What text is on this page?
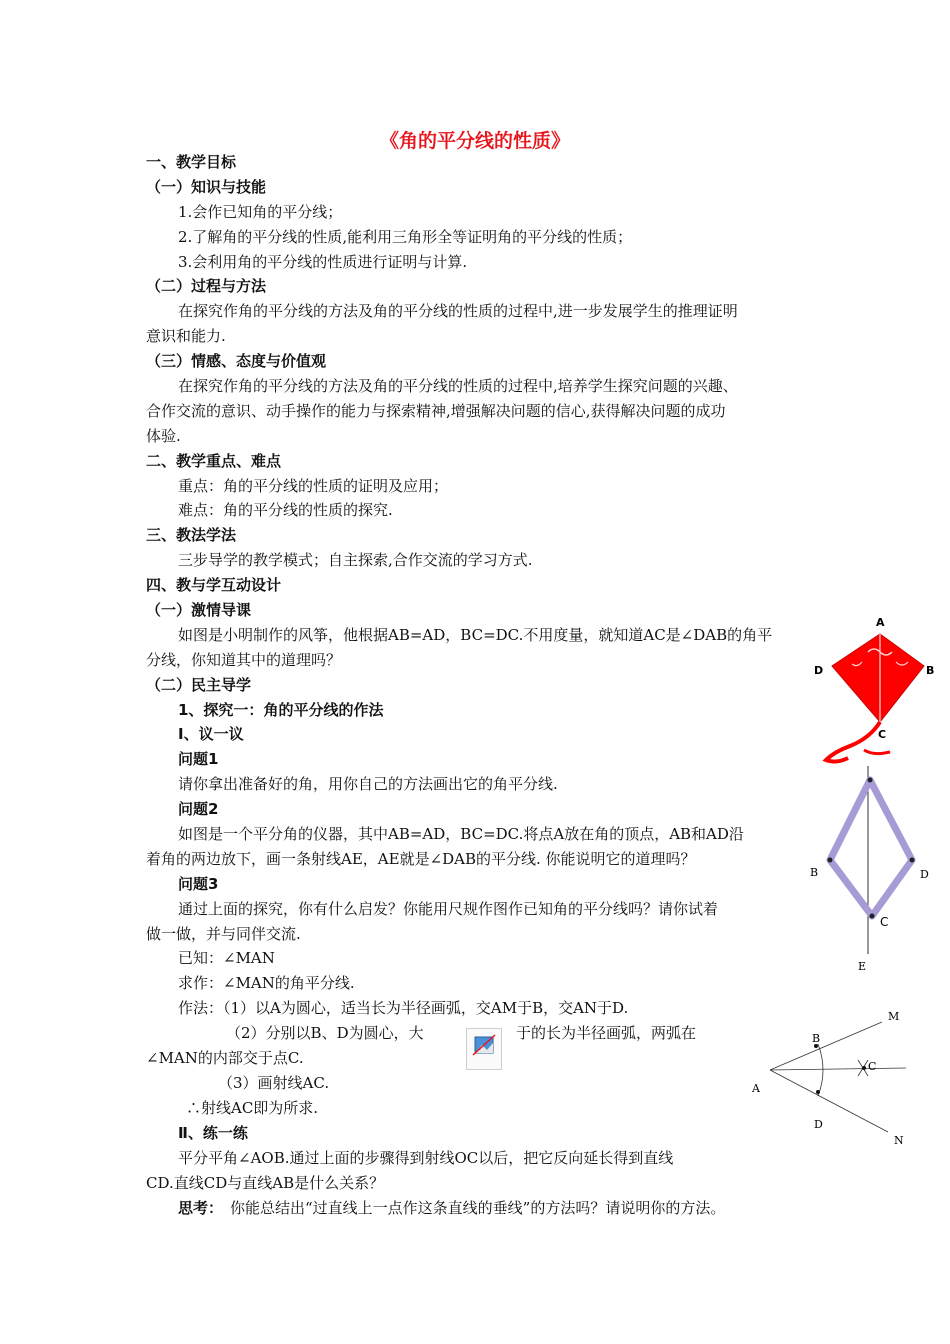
《角的平分线的性质》
一、教学目标
（一）知识与技能
1.会作已知角的平分线；
2.了解角的平分线的性质,能利用三角形全等证明角的平分线的性质；
3.会利用角的平分线的性质进行证明与计算.
（二）过程与方法
在探究作角的平分线的方法及角的平分线的性质的过程中,进一步发展学生的推理证明
意识和能力.
（三）情感、态度与价值观
在探究作角的平分线的方法及角的平分线的性质的过程中,培养学生探究问题的兴趣、
合作交流的意识、动手操作的能力与探索精神,增强解决问题的信心,获得解决问题的成功
体验.
二、教学重点、难点
重点：角的平分线的性质的证明及应用；
难点：角的平分线的性质的探究.
三、教法学法
三步导学的教学模式；自主探索,合作交流的学习方式.
四、教与学互动设计
（一）激情导课
如图是小明制作的风筝，他根据AB=AD，BC=DC.不用度量，就知道AC是∠DAB的角平
分线，你知道其中的道理吗？
（二）民主导学
1、探究一：角的平分线的作法
Ⅰ、议一议
问题1
请你拿出准备好的角，用你自己的方法画出它的角平分线.
问题2
如图是一个平分角的仪器，其中AB=AD，BC=DC.将点A放在角的顶点，AB和AD沿
着角的两边放下，画一条射线AE，AE就是∠DAB的平分线. 你能说明它的道理吗？
问题3
通过上面的探究，你有什么启发？你能用尺规作图作已知角的平分线吗？请你试着
做一做，并与同伴交流.
已知：∠MAN
求作：∠MAN的角平分线.
作法：（1）以A为圆心，适当长为半径画弧，交AM于B，交AN于D.
（2）分别以B、D为圆心，大	于的长为半径画弧，两弧在
∠MAN的内部交于点C.
（3）画射线AC.
∴射线AC即为所求.
Ⅱ、练一练
平分平角∠AOB.通过上面的步骤得到射线OC以后，把它反向延长得到直线
CD.直线CD与直线AB是什么关系？
思考： 你能总结出“过直线上一点作这条直线的垂线”的方法吗？请说明你的方法。
A
B
C
D
B	D
C
E
M
B
C
A
D
N
